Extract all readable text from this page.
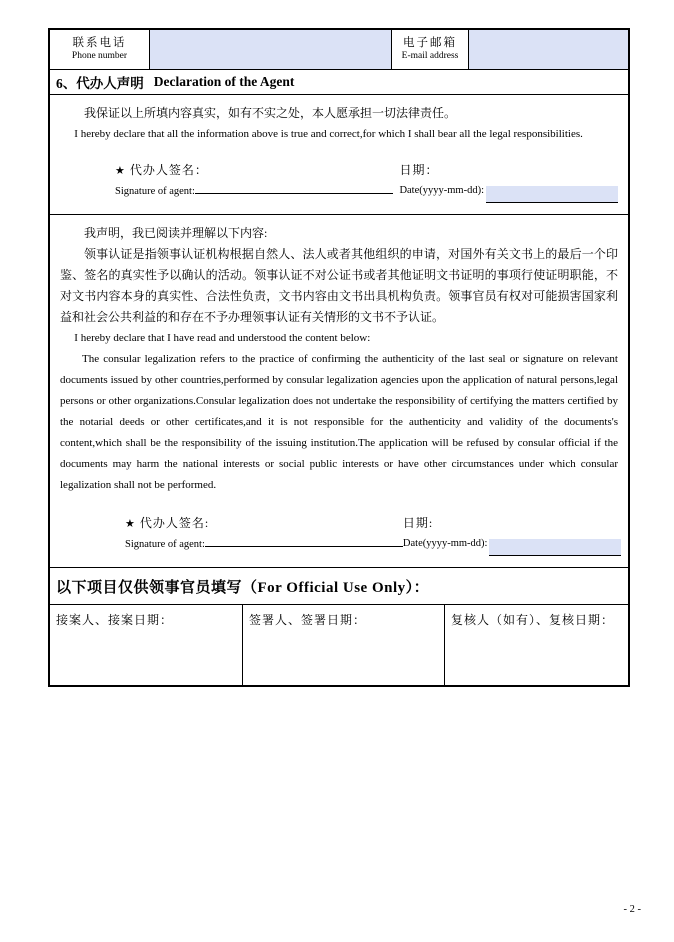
联系电话
Phone number
电子邮箱
E-mail address
6、代办人声明 Declaration of the Agent

我保证以上所填内容真实，如有不实之处，本人愿承担一切法律责任。

I hereby declare that all the information above is true and correct,for which I shall bear all the legal responsibilities.

★ 代办人签名：
Signature of agent:
日期：
Date(yyyy-mm-dd):

我声明，我已阅读并理解以下内容:

领事认证是指领事认证机构根据自然人、法人或者其他组织的申请，对国外有关文书上的最后一个印鉴、签名的真实性予以确认的活动。领事认证不对公证书或者其他证明文书证明的事项行使证明职能，不对文书内容本身的真实性、合法性负责，文书内容由文书出具机构负责。领事官员有权对可能损害国家利益和社会公共利益的和存在不予办理领事认证有关情形的文书不予认证。

I hereby declare that I have read and understood the content below:

The consular legalization refers to the practice of confirming the authenticity of the last seal or signature on relevant documents issued by other countries,performed by consular legalization agencies upon the application of natural persons,legal persons or other organizations.Consular legalization does not undertake the responsibility of certifying the matters certified by the notarial deeds or other certificates,and it is not responsible for the authenticity and validity of the documents's content,which shall be the responsibility of the issuing institution.The application will be refused by consular official if the documents may harm the national interests or social public interests or have other circumstances under which consular legalization shall not be performed.

★ 代办人签名:
Signature of agent:
日期:
Date(yyyy-mm-dd):
以下项目仅供领事官员填写（For Official Use Only）：
接案人、接案日期：	签署人、签署日期：	复核人（如有）、复核日期：
- 2 -
